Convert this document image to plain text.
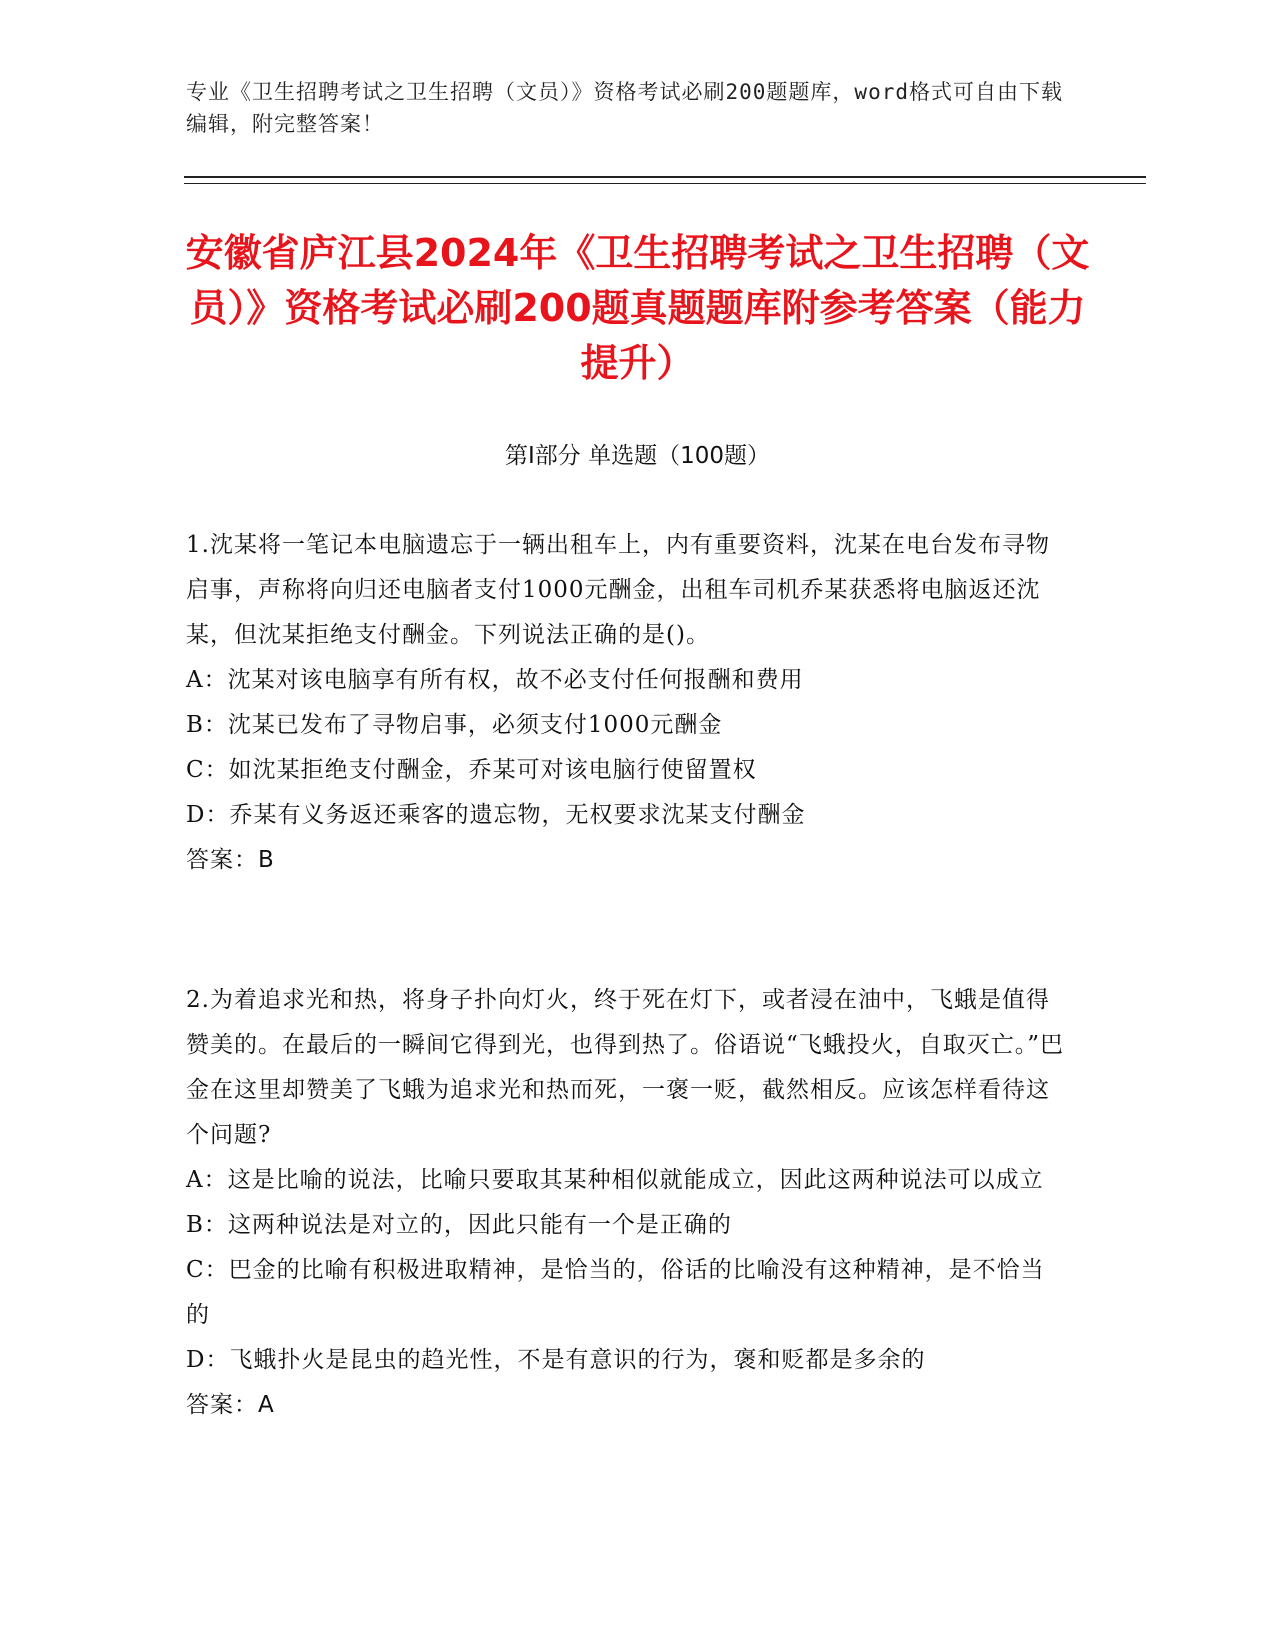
专业《卫生招聘考试之卫生招聘（文员）》资格考试必刷200题题库，word格式可自由下载编辑，附完整答案！
安徽省庐江县2024年《卫生招聘考试之卫生招聘（文员）》资格考试必刷200题真题题库附参考答案（能力提升）
第Ⅰ部分 单选题（100题）

1.沈某将一笔记本电脑遗忘于一辆出租车上，内有重要资料，沈某在电台发布寻物启事，声称将向归还电脑者支付1000元酬金，出租车司机乔某获悉将电脑返还沈某，但沈某拒绝支付酬金。下列说法正确的是()。

A：沈某对该电脑享有所有权，故不必支付任何报酬和费用

B：沈某已发布了寻物启事，必须支付1000元酬金

C：如沈某拒绝支付酬金，乔某可对该电脑行使留置权

D：乔某有义务返还乘客的遗忘物，无权要求沈某支付酬金

答案：B

2.为着追求光和热，将身子扑向灯火，终于死在灯下，或者浸在油中，飞蛾是值得赞美的。在最后的一瞬间它得到光，也得到热了。俗语说“飞蛾投火，自取灭亡。”巴金在这里却赞美了飞蛾为追求光和热而死，一褒一贬，截然相反。应该怎样看待这个问题?

A：这是比喻的说法，比喻只要取其某种相似就能成立，因此这两种说法可以成立

B：这两种说法是对立的，因此只能有一个是正确的

C：巴金的比喻有积极进取精神，是恰当的，俗话的比喻没有这种精神，是不恰当的

D：飞蛾扑火是昆虫的趋光性，不是有意识的行为，褒和贬都是多余的

答案：A
